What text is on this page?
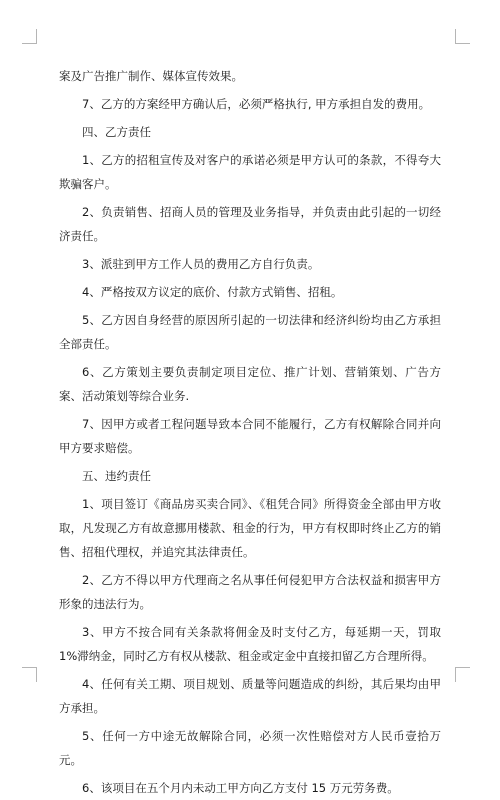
案及广告推广制作、媒体宣传效果。

7、乙方的方案经甲方确认后，必须严格执行, 甲方承担自发的费用。

四、乙方责任

1、乙方的招租宣传及对客户的承诺必须是甲方认可的条款，不得夸大欺骗客户。

2、负责销售、招商人员的管理及业务指导，并负责由此引起的一切经济责任。

3、派驻到甲方工作人员的费用乙方自行负责。

4、严格按双方议定的底价、付款方式销售、招租。

5、乙方因自身经营的原因所引起的一切法律和经济纠纷均由乙方承担全部责任。

6、乙方策划主要负责制定项目定位、推广计划、营销策划、广告方案、活动策划等综合业务.

7、因甲方或者工程问题导致本合同不能履行，乙方有权解除合同并向甲方要求赔偿。

五、违约责任

1、项目签订《商品房买卖合同》、《租凭合同》所得资金全部由甲方收取，凡发现乙方有故意挪用楼款、租金的行为，甲方有权即时终止乙方的销售、招租代理权，并追究其法律责任。

2、乙方不得以甲方代理商之名从事任何侵犯甲方合法权益和损害甲方形象的违法行为。

3、甲方不按合同有关条款将佣金及时支付乙方，每延期一天，罚取 1%滞纳金，同时乙方有权从楼款、租金或定金中直接扣留乙方合理所得。

4、任何有关工期、项目规划、质量等问题造成的纠纷，其后果均由甲方承担。

5、任何一方中途无故解除合同，必须一次性赔偿对方人民币壹拾万元。

6、该项目在五个月内未动工甲方向乙方支付 15 万元劳务费。
